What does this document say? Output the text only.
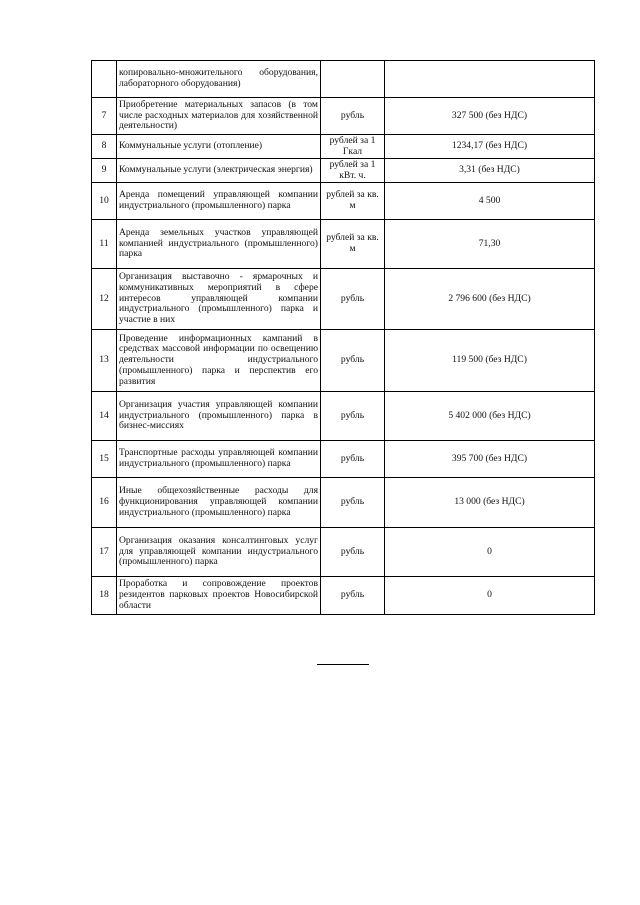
	копировально-множительного оборудования, лабораторного оборудования)		
7	Приобретение материальных запасов (в том числе расходных материалов для хозяйственной деятельности)	рубль	327 500 (без НДС)
8	Коммунальные услуги (отопление)	рублей за 1 Гкал	1234,17 (без НДС)
9	Коммунальные услуги (электрическая энергия)	рублей за 1 кВт. ч.	3,31 (без НДС)
10	Аренда помещений управляющей компании индустриального (промышленного) парка	рублей за кв. м	4 500
11	Аренда земельных участков управляющей компанией индустриального (промышленного) парка	рублей за кв. м	71,30
12	Организация выставочно - ярмарочных и коммуникативных мероприятий в сфере интересов управляющей компании индустриального (промышленного) парка и участие в них	рубль	2 796 600 (без НДС)
13	Проведение информационных кампаний в средствах массовой информации по освещению деятельности индустриального (промышленного) парка и перспектив его развития	рубль	119 500 (без НДС)
14	Организация участия управляющей компании индустриального (промышленного) парка в бизнес-миссиях	рубль	5 402 000 (без НДС)
15	Транспортные расходы управляющей компании индустриального (промышленного) парка	рубль	395 700 (без НДС)
16	Иные общехозяйственные расходы для функционирования управляющей компании индустриального (промышленного) парка	рубль	13 000 (без НДС)
17	Организация оказания консалтинговых услуг для управляющей компании индустриального (промышленного) парка	рубль	0
18	Проработка и сопровождение проектов резидентов парковых проектов Новосибирской области	рубль	0
